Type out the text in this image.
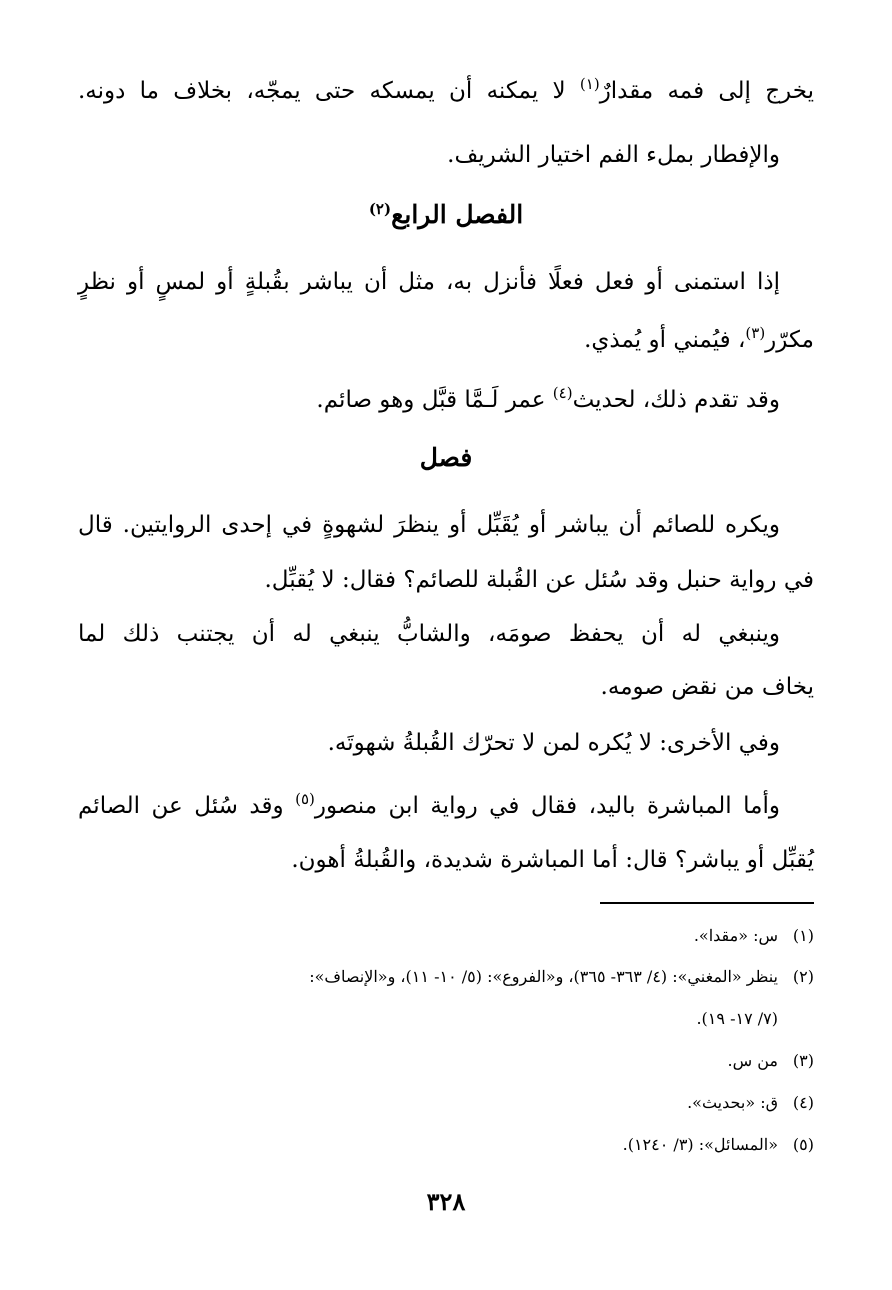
يخرج إلى فمه مقدارٌ$^{(١)}$ لا يمكنه أن يمسكه حتى يمجّه، بخلاف ما دونه.
والإفطار بملء الفم اختيار الشريف.
الفصل الرابع$^{(٢)}$
إذا استمنى أو فعل فعلًا فأنزل به، مثل أن يباشر بقُبلةٍ أو لمسٍ أو نظرٍ
مكرّر$^{(٣)}$، فيُمني أو يُمذي.
وقد تقدم ذلك، لحديث$^{(٤)}$ عمر لَـمَّا قبَّل وهو صائم.
فصل
ويكره للصائم أن يباشر أو يُقَبِّل أو ينظرَ لشهوةٍ في إحدى الروايتين. قال
في رواية حنبل وقد سُئل عن القُبلة للصائم؟ فقال: لا يُقبِّل.
وينبغي له أن يحفظ صومَه، والشابُّ ينبغي له أن يجتنب ذلك لما
يخاف من نقض صومه.
وفي الأخرى: لا يُكره لمن لا تحرّك القُبلةُ شهوتَه.
وأما المباشرة باليد، فقال في رواية ابن منصور$^{(٥)}$ وقد سُئل عن الصائم
يُقبِّل أو يباشر؟ قال: أما المباشرة شديدة، والقُبلةُ أهون.
(١)س: «مقدا».
(٢)ينظر «المغني»: (٤/ ٣٦٣- ٣٦٥)، و«الفروع»: (٥/ ١٠- ١١)، و«الإنصاف»:
(٧/ ١٧- ١٩).
(٣)من س.
(٤)ق: «بحديث».
(٥)«المسائل»: (٣/ ١٢٤٠).
٣٢٨
